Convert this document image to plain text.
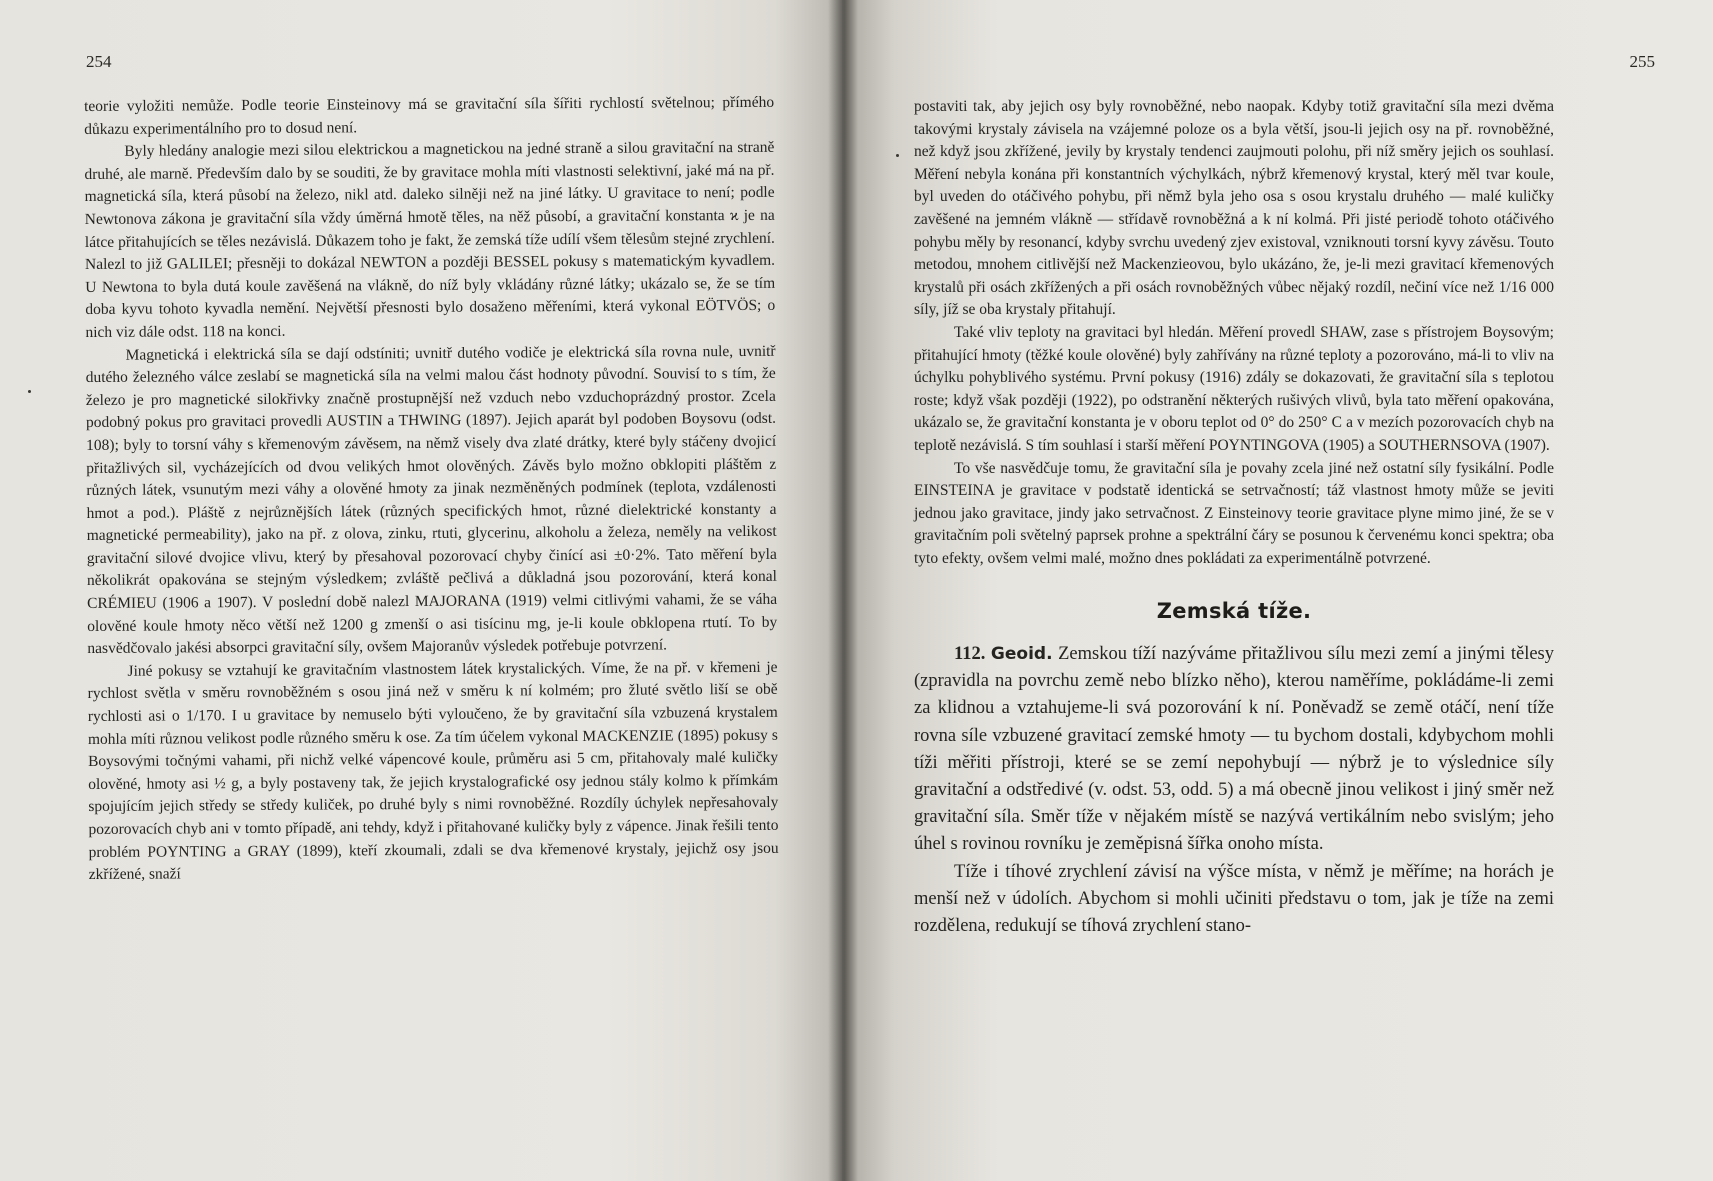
254

teorie vyložiti nemůže. Podle teorie Einsteinovy má se gravitační síla šířiti rychlostí světelnou; přímého důkazu experimentálního pro to dosud není.

Byly hledány analogie mezi silou elektrickou a magnetickou na jedné straně a silou gravitační na straně druhé, ale marně. Především dalo by se souditi, že by gravitace mohla míti vlastnosti selektivní, jaké má na př. magnetická síla, která působí na železo, nikl atd. daleko silněji než na jiné látky. U gravitace to není; podle Newtonova zákona je gravitační síla vždy úměrná hmotě těles, na něž působí, a gravitační konstanta ϰ je na látce přitahujících se těles nezávislá. Důkazem toho je fakt, že zemská tíže udílí všem tělesům stejné zrychlení. Nalezl to již GALILEI; přesněji to dokázal NEWTON a později BESSEL pokusy s matematickým kyvadlem. U Newtona to byla dutá koule zavěšená na vlákně, do níž byly vkládány různé látky; ukázalo se, že se tím doba kyvu tohoto kyvadla nemění. Největší přesnosti bylo dosaženo měřeními, která vykonal EÖTVÖS; o nich viz dále odst. 118 na konci.

Magnetická i elektrická síla se dají odstíniti; uvnitř dutého vodiče je elektrická síla rovna nule, uvnitř dutého železného válce zeslabí se magnetická síla na velmi malou část hodnoty původní. Souvisí to s tím, že železo je pro magnetické silokřivky značně prostupnější než vzduch nebo vzduchoprázdný prostor. Zcela podobný pokus pro gravitaci provedli AUSTIN a THWING (1897). Jejich aparát byl podoben Boysovu (odst. 108); byly to torsní váhy s křemenovým závěsem, na němž visely dva zlaté drátky, které byly stáčeny dvojicí přitažlivých sil, vycházejících od dvou velikých hmot olověných. Závěs bylo možno obklopiti pláštěm z různých látek, vsunutým mezi váhy a olověné hmoty za jinak nezměněných podmínek (teplota, vzdálenosti hmot a pod.). Pláště z nejrůznějších látek (různých specifických hmot, různé dielektrické konstanty a magnetické permeability), jako na př. z olova, zinku, rtuti, glycerinu, alkoholu a železa, neměly na velikost gravitační silové dvojice vlivu, který by přesahoval pozorovací chyby činící asi ±0·2%. Tato měření byla několikrát opakována se stejným výsledkem; zvláště pečlivá a důkladná jsou pozorování, která konal CRÉMIEU (1906 a 1907). V poslední době nalezl MAJORANA (1919) velmi citlivými vahami, že se váha olověné koule hmoty něco větší než 1200 g zmenší o asi tisícinu mg, je-li koule obklopena rtutí. To by nasvědčovalo jakési absorpci gravitační síly, ovšem Majoranův výsledek potřebuje potvrzení.

Jiné pokusy se vztahují ke gravitačním vlastnostem látek krystalických. Víme, že na př. v křemeni je rychlost světla v směru rovnoběžném s osou jiná než v směru k ní kolmém; pro žluté světlo liší se obě rychlosti asi o 1/170. I u gravitace by nemuselo býti vyloučeno, že by gravitační síla vzbuzená krystalem mohla míti různou velikost podle různého směru k ose. Za tím účelem vykonal MACKENZIE (1895) pokusy s Boysovými točnými vahami, při nichž velké vápencové koule, průměru asi 5 cm, přitahovaly malé kuličky olověné, hmoty asi ½ g, a byly postaveny tak, že jejich krystalografické osy jednou stály kolmo k přímkám spojujícím jejich středy se středy kuliček, po druhé byly s nimi rovnoběžné. Rozdíly úchylek nepřesahovaly pozorovacích chyb ani v tomto případě, ani tehdy, když i přitahované kuličky byly z vápence. Jinak řešili tento problém POYNTING a GRAY (1899), kteří zkoumali, zdali se dva křemenové krystaly, jejichž osy jsou zkřížené, snaží

255

postaviti tak, aby jejich osy byly rovnoběžné, nebo naopak. Kdyby totiž gravitační síla mezi dvěma takovými krystaly závisela na vzájemné poloze os a byla větší, jsou-li jejich osy na př. rovnoběžné, než když jsou zkřížené, jevily by krystaly tendenci zaujmouti polohu, při níž směry jejich os souhlasí. Měření nebyla konána při konstantních výchylkách, nýbrž křemenový krystal, který měl tvar koule, byl uveden do otáčivého pohybu, při němž byla jeho osa s osou krystalu druhého — malé kuličky zavěšené na jemném vlákně — střídavě rovnoběžná a k ní kolmá. Při jisté periodě tohoto otáčivého pohybu měly by resonancí, kdyby svrchu uvedený zjev existoval, vzniknouti torsní kyvy závěsu. Touto metodou, mnohem citlivější než Mackenzieovou, bylo ukázáno, že, je-li mezi gravitací křemenových krystalů při osách zkřížených a při osách rovnoběžných vůbec nějaký rozdíl, nečiní více než 1/16 000 síly, jíž se oba krystaly přitahují.

Také vliv teploty na gravitaci byl hledán. Měření provedl SHAW, zase s přístrojem Boysovým; přitahující hmoty (těžké koule olověné) byly zahřívány na různé teploty a pozorováno, má-li to vliv na úchylku pohyblivého systému. První pokusy (1916) zdály se dokazovati, že gravitační síla s teplotou roste; když však později (1922), po odstranění některých rušivých vlivů, byla tato měření opakována, ukázalo se, že gravitační konstanta je v oboru teplot od 0° do 250° C a v mezích pozorovacích chyb na teplotě nezávislá. S tím souhlasí i starší měření POYNTINGOVA (1905) a SOUTHERNSOVA (1907).

To vše nasvědčuje tomu, že gravitační síla je povahy zcela jiné než ostatní síly fysikální. Podle EINSTEINA je gravitace v podstatě identická se setrvačností; táž vlastnost hmoty může se jeviti jednou jako gravitace, jindy jako setrvačnost. Z Einsteinovy teorie gravitace plyne mimo jiné, že se v gravitačním poli světelný paprsek prohne a spektrální čáry se posunou k červenému konci spektra; oba tyto efekty, ovšem velmi malé, možno dnes pokládati za experimentálně potvrzené.

Zemská tíže.

112. Geoid. Zemskou tíží nazýváme přitažlivou sílu mezi zemí a jinými tělesy (zpravidla na povrchu země nebo blízko něho), kterou naměříme, pokládáme-li zemi za klidnou a vztahujeme-li svá pozorování k ní. Poněvadž se země otáčí, není tíže rovna síle vzbuzené gravitací zemské hmoty — tu bychom dostali, kdybychom mohli tíži měřiti přístroji, které se se zemí nepohybují — nýbrž je to výslednice síly gravitační a odstředivé (v. odst. 53, odd. 5) a má obecně jinou velikost i jiný směr než gravitační síla. Směr tíže v nějakém místě se nazývá vertikálním nebo svislým; jeho úhel s rovinou rovníku je zeměpisná šířka onoho místa.

Tíže i tíhové zrychlení závisí na výšce místa, v němž je měříme; na horách je menší než v údolích. Abychom si mohli učiniti představu o tom, jak je tíže na zemi rozdělena, redukují se tíhová zrychlení stano-
